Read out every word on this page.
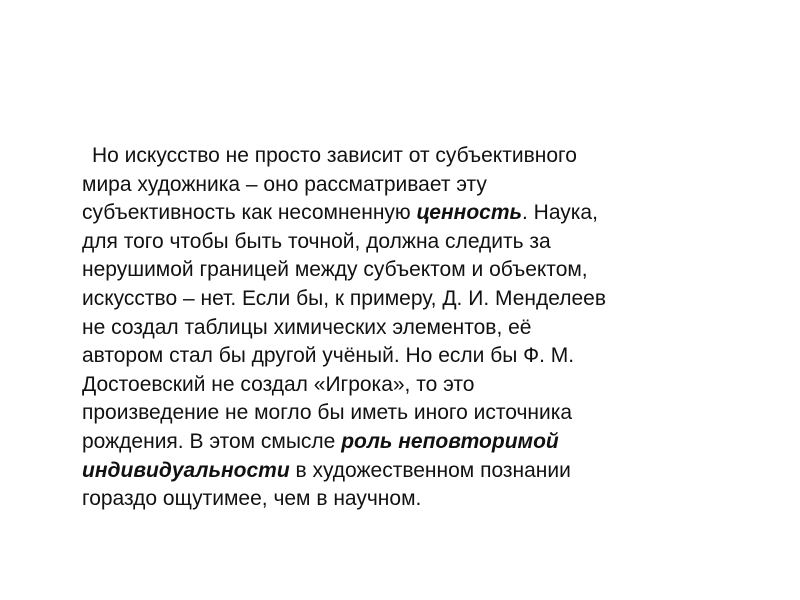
Но искусство не просто зависит от субъективного
мира художника – оно рассматривает эту
субъективность как несомненную ценность. Наука,
для того чтобы быть точной, должна следить за
нерушимой границей между субъектом и объектом,
искусство – нет. Если бы, к примеру, Д. И. Менделеев
не создал таблицы химических элементов, её
автором стал бы другой учёный. Но если бы Ф. М.
Достоевский не создал «Игрока», то это
произведение не могло бы иметь иного источника
рождения. В этом смысле роль неповторимой
индивидуальности в художественном познании
гораздо ощутимее, чем в научном.
